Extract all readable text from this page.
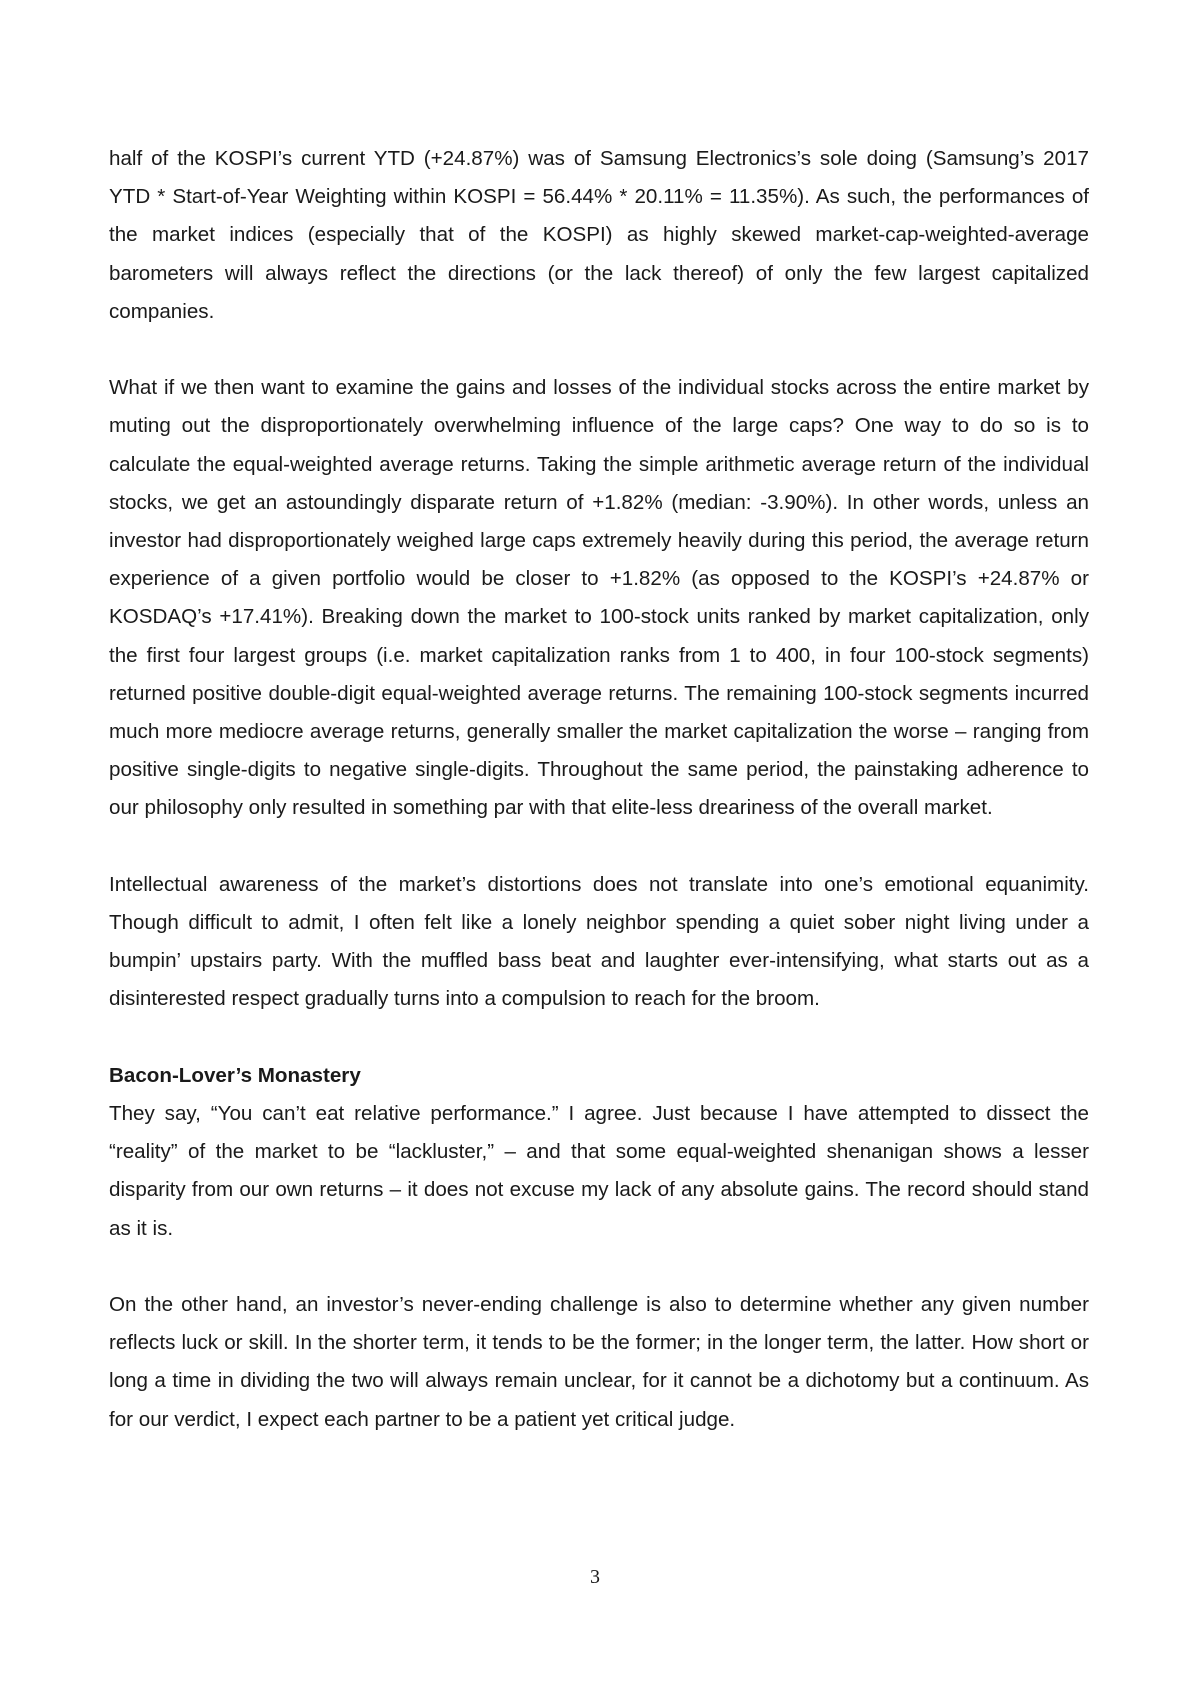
half of the KOSPI’s current YTD (+24.87%) was of Samsung Electronics’s sole doing (Samsung’s 2017 YTD * Start-of-Year Weighting within KOSPI = 56.44% * 20.11% = 11.35%). As such, the performances of the market indices (especially that of the KOSPI) as highly skewed market-cap-weighted-average barometers will always reflect the directions (or the lack thereof) of only the few largest capitalized companies.

What if we then want to examine the gains and losses of the individual stocks across the entire market by muting out the disproportionately overwhelming influence of the large caps? One way to do so is to calculate the equal-weighted average returns. Taking the simple arithmetic average return of the individual stocks, we get an astoundingly disparate return of +1.82% (median: -3.90%). In other words, unless an investor had disproportionately weighed large caps extremely heavily during this period, the average return experience of a given portfolio would be closer to +1.82% (as opposed to the KOSPI’s +24.87% or KOSDAQ’s +17.41%). Breaking down the market to 100-stock units ranked by market capitalization, only the first four largest groups (i.e. market capitalization ranks from 1 to 400, in four 100-stock segments) returned positive double-digit equal-weighted average returns. The remaining 100-stock segments incurred much more mediocre average returns, generally smaller the market capitalization the worse – ranging from positive single-digits to negative single-digits. Throughout the same period, the painstaking adherence to our philosophy only resulted in something par with that elite-less dreariness of the overall market.

Intellectual awareness of the market’s distortions does not translate into one’s emotional equanimity. Though difficult to admit, I often felt like a lonely neighbor spending a quiet sober night living under a bumpin’ upstairs party. With the muffled bass beat and laughter ever-intensifying, what starts out as a disinterested respect gradually turns into a compulsion to reach for the broom.

Bacon-Lover’s Monastery

They say, “You can’t eat relative performance.” I agree. Just because I have attempted to dissect the “reality” of the market to be “lackluster,” – and that some equal-weighted shenanigan shows a lesser disparity from our own returns – it does not excuse my lack of any absolute gains. The record should stand as it is.

On the other hand, an investor’s never-ending challenge is also to determine whether any given number reflects luck or skill. In the shorter term, it tends to be the former; in the longer term, the latter. How short or long a time in dividing the two will always remain unclear, for it cannot be a dichotomy but a continuum. As for our verdict, I expect each partner to be a patient yet critical judge.

3
